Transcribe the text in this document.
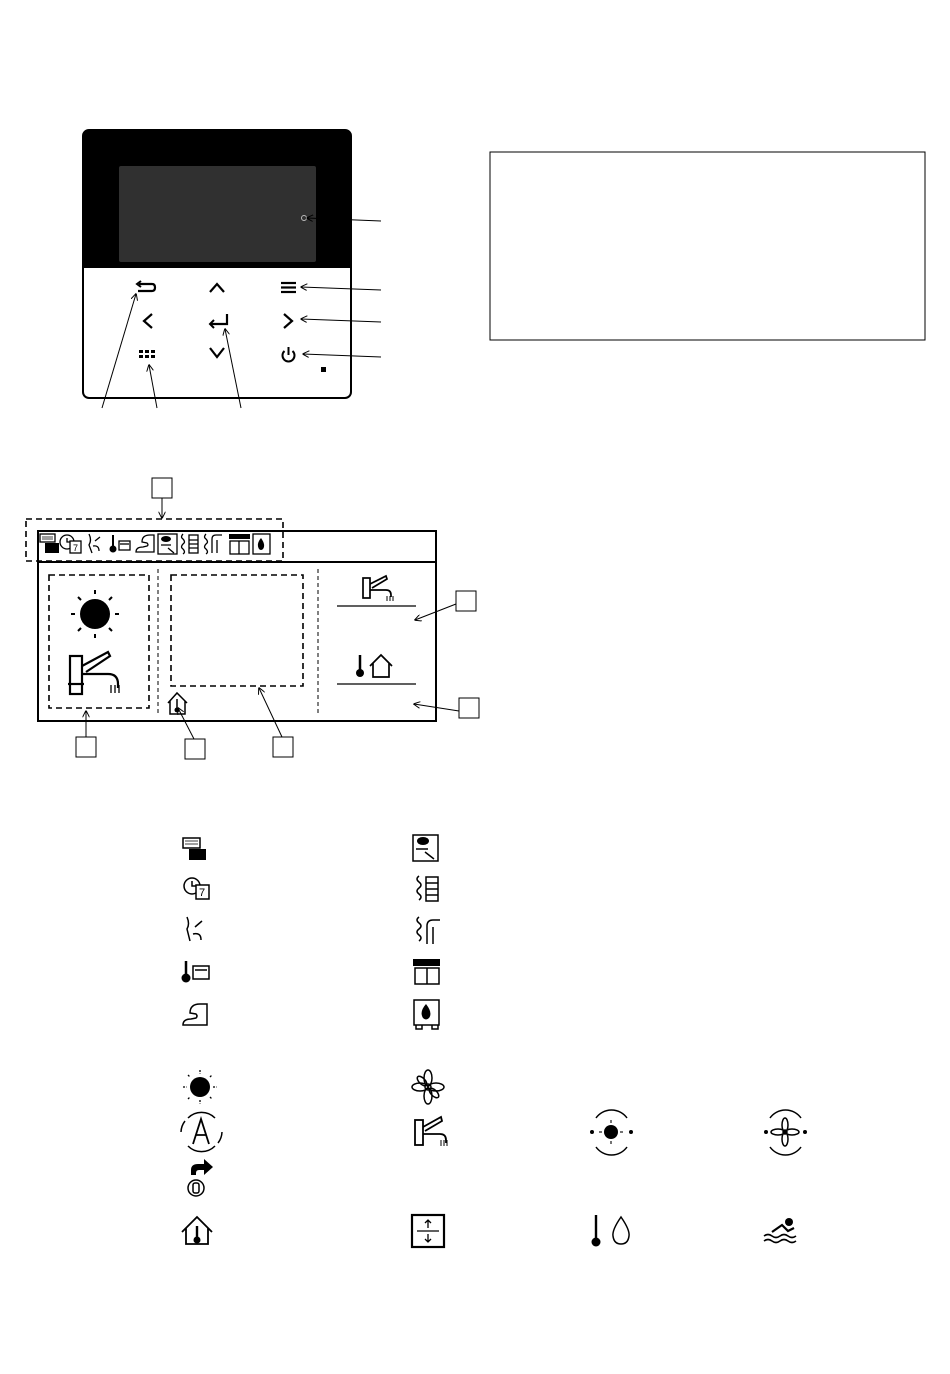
7
7
